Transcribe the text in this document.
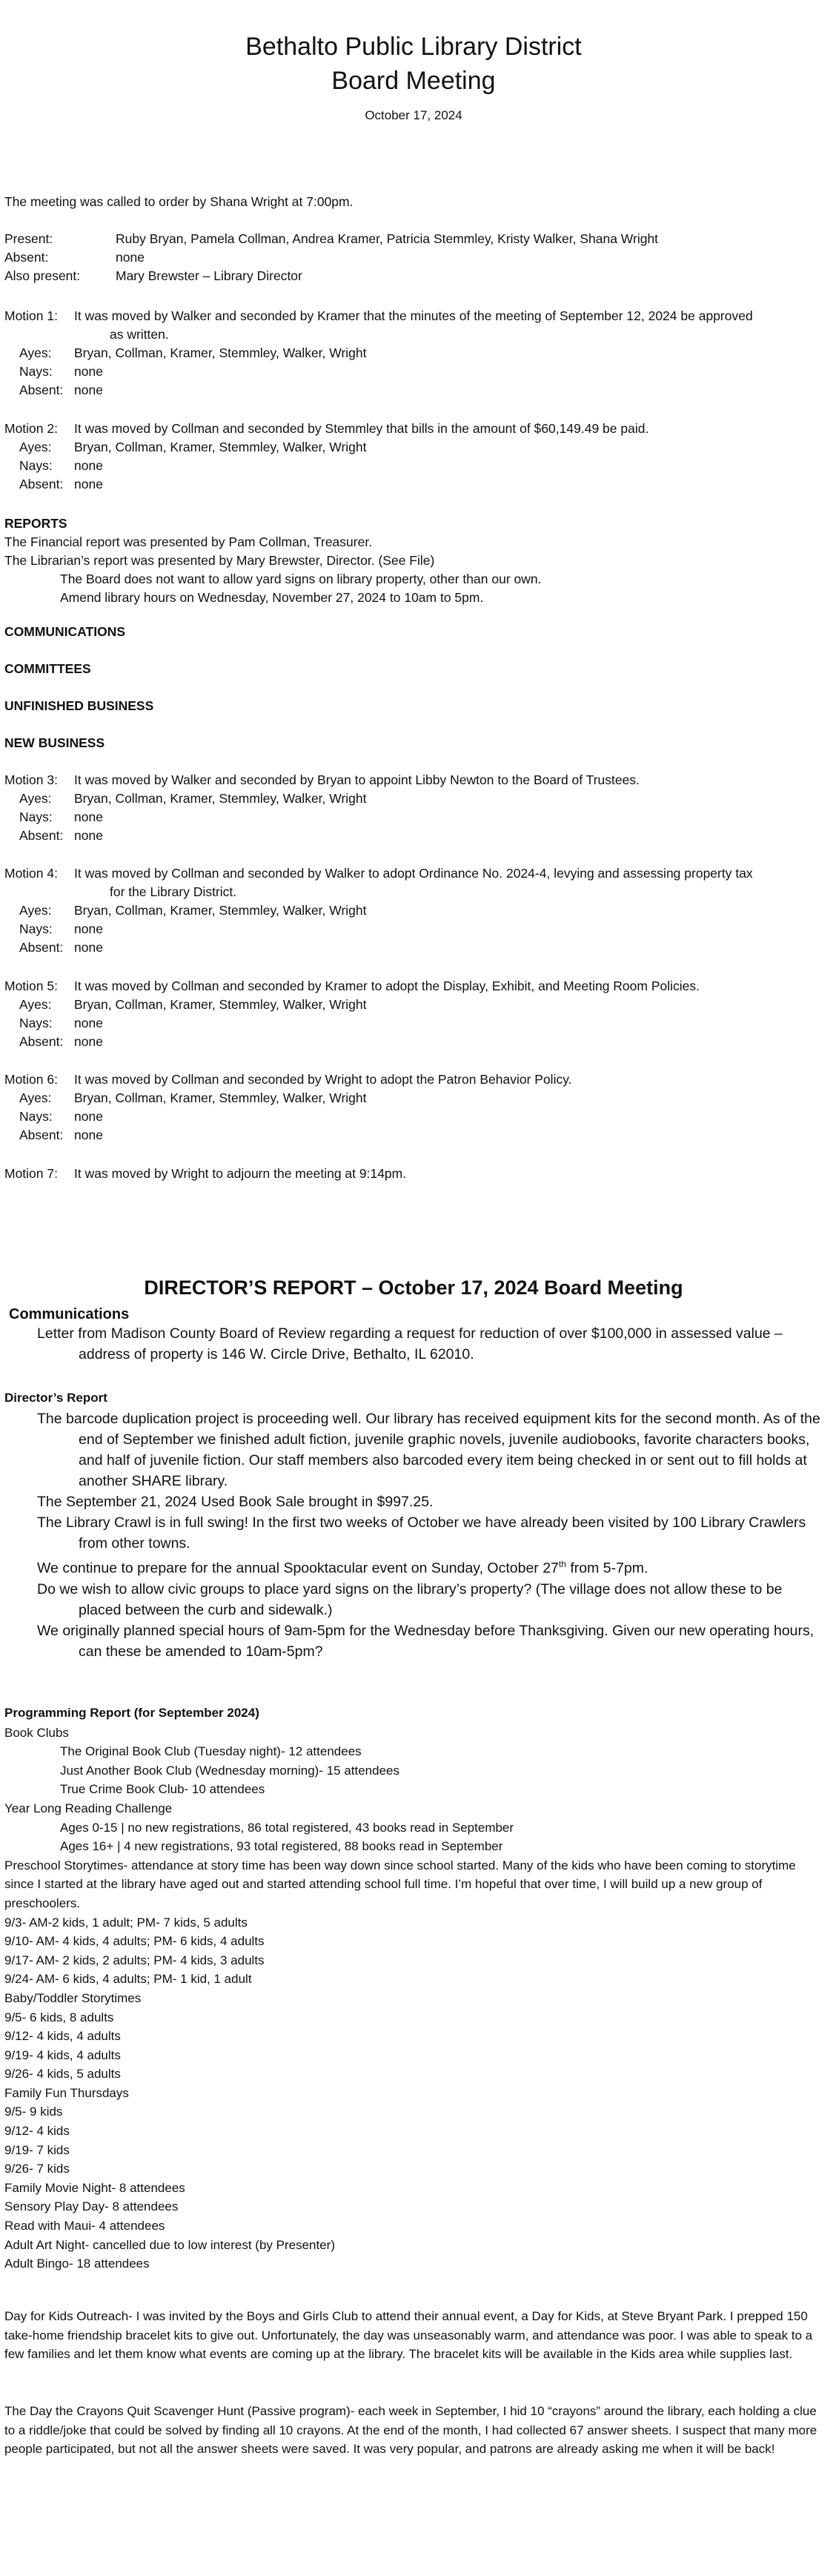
Bethalto Public Library District
Board Meeting
October 17, 2024
The meeting was called to order by Shana Wright at 7:00pm.
Present:	Ruby Bryan, Pamela Collman, Andrea Kramer, Patricia Stemmley, Kristy Walker, Shana Wright
Absent:	none
Also present:	Mary Brewster – Library Director
Motion 1:	It was moved by Walker and seconded by Kramer that the minutes of the meeting of September 12, 2024 be approved
as written.
Ayes:	Bryan, Collman, Kramer, Stemmley, Walker, Wright
Nays:	none
Absent: none
Motion 2:	It was moved by Collman and seconded by Stemmley that bills in the amount of $60,149.49 be paid.
Ayes:	Bryan, Collman, Kramer, Stemmley, Walker, Wright
Nays:	none
Absent: none
REPORTS
The Financial report was presented by Pam Collman, Treasurer.
The Librarian’s report was presented by Mary Brewster, Director. (See File)
The Board does not want to allow yard signs on library property, other than our own.
Amend library hours on Wednesday, November 27, 2024 to 10am to 5pm.
COMMUNICATIONS
COMMITTEES
UNFINISHED BUSINESS
NEW BUSINESS
Motion 3:	It was moved by Walker and seconded by Bryan to appoint Libby Newton to the Board of Trustees.
Ayes:	Bryan, Collman, Kramer, Stemmley, Walker, Wright
Nays:	none
Absent: none
Motion 4:	It was moved by Collman and seconded by Walker to adopt Ordinance No. 2024-4, levying and assessing property tax
for the Library District.
Ayes:	Bryan, Collman, Kramer, Stemmley, Walker, Wright
Nays:	none
Absent: none
Motion 5:	It was moved by Collman and seconded by Kramer to adopt the Display, Exhibit, and Meeting Room Policies.
Ayes:	Bryan, Collman, Kramer, Stemmley, Walker, Wright
Nays:	none
Absent: none
Motion 6:	It was moved by Collman and seconded by Wright to adopt the Patron Behavior Policy.
Ayes:	Bryan, Collman, Kramer, Stemmley, Walker, Wright
Nays:	none
Absent: none
Motion 7:	It was moved by Wright to adjourn the meeting at 9:14pm.
DIRECTOR’S REPORT – October 17, 2024 Board Meeting
Communications
Letter from Madison County Board of Review regarding a request for reduction of over $100,000 in assessed value – address of property is 146 W. Circle Drive, Bethalto, IL 62010.
Director’s Report
The barcode duplication project is proceeding well. Our library has received equipment kits for the second month. As of the end of September we finished adult fiction, juvenile graphic novels, juvenile audiobooks, favorite characters books, and half of juvenile fiction. Our staff members also barcoded every item being checked in or sent out to fill holds at another SHARE library.
The September 21, 2024 Used Book Sale brought in $997.25.
The Library Crawl is in full swing! In the first two weeks of October we have already been visited by 100 Library Crawlers from other towns.
We continue to prepare for the annual Spooktacular event on Sunday, October 27th from 5-7pm.
Do we wish to allow civic groups to place yard signs on the library’s property? (The village does not allow these to be placed between the curb and sidewalk.)
We originally planned special hours of 9am-5pm for the Wednesday before Thanksgiving. Given our new operating hours, can these be amended to 10am-5pm?
Programming Report (for September 2024)
Book Clubs
The Original Book Club (Tuesday night)- 12 attendees
Just Another Book Club (Wednesday morning)- 15 attendees
True Crime Book Club- 10 attendees
Year Long Reading Challenge
Ages 0-15 | no new registrations, 86 total registered, 43 books read in September
Ages 16+ | 4 new registrations, 93 total registered, 88 books read in September
Preschool Storytimes- attendance at story time has been way down since school started. Many of the kids who have been coming to storytime since I started at the library have aged out and started attending school full time. I’m hopeful that over time, I will build up a new group of preschoolers.
9/3- AM-2 kids, 1 adult; PM- 7 kids, 5 adults
9/10- AM- 4 kids, 4 adults; PM- 6 kids, 4 adults
9/17- AM- 2 kids, 2 adults; PM- 4 kids, 3 adults
9/24- AM- 6 kids, 4 adults; PM- 1 kid, 1 adult
Baby/Toddler Storytimes
9/5- 6 kids, 8 adults
9/12- 4 kids, 4 adults
9/19- 4 kids, 4 adults
9/26- 4 kids, 5 adults
Family Fun Thursdays
9/5- 9 kids
9/12- 4 kids
9/19- 7 kids
9/26- 7 kids
Family Movie Night- 8 attendees
Sensory Play Day- 8 attendees
Read with Maui- 4 attendees
Adult Art Night- cancelled due to low interest (by Presenter)
Adult Bingo- 18 attendees
Day for Kids Outreach- I was invited by the Boys and Girls Club to attend their annual event, a Day for Kids, at Steve Bryant Park. I prepped 150 take-home friendship bracelet kits to give out. Unfortunately, the day was unseasonably warm, and attendance was poor. I was able to speak to a few families and let them know what events are coming up at the library. The bracelet kits will be available in the Kids area while supplies last.
The Day the Crayons Quit Scavenger Hunt (Passive program)- each week in September, I hid 10 “crayons” around the library, each holding a clue to a riddle/joke that could be solved by finding all 10 crayons. At the end of the month, I had collected 67 answer sheets. I suspect that many more people participated, but not all the answer sheets were saved. It was very popular, and patrons are already asking me when it will be back!
